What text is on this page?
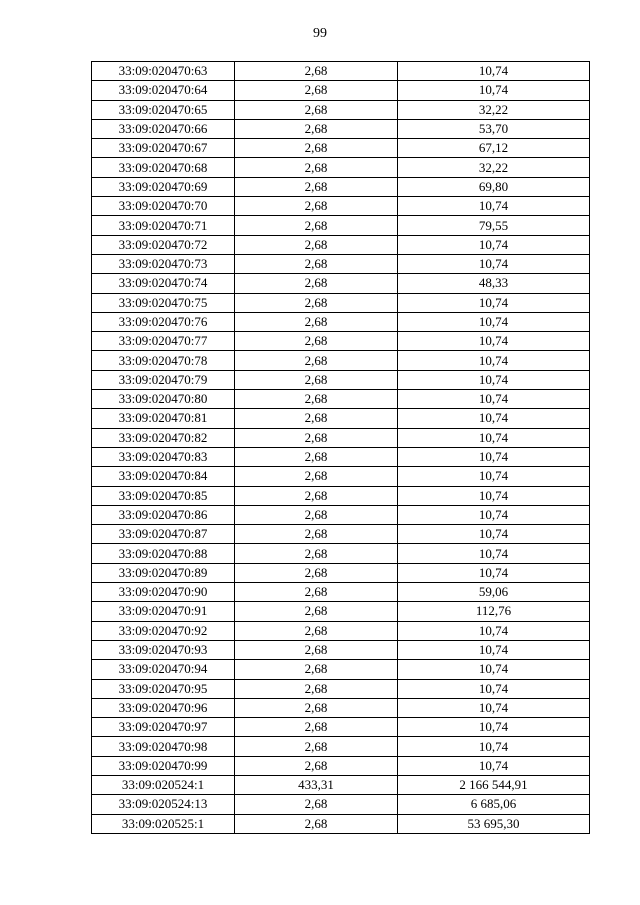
99
33:09:020470:63	2,68	10,74
33:09:020470:64	2,68	10,74
33:09:020470:65	2,68	32,22
33:09:020470:66	2,68	53,70
33:09:020470:67	2,68	67,12
33:09:020470:68	2,68	32,22
33:09:020470:69	2,68	69,80
33:09:020470:70	2,68	10,74
33:09:020470:71	2,68	79,55
33:09:020470:72	2,68	10,74
33:09:020470:73	2,68	10,74
33:09:020470:74	2,68	48,33
33:09:020470:75	2,68	10,74
33:09:020470:76	2,68	10,74
33:09:020470:77	2,68	10,74
33:09:020470:78	2,68	10,74
33:09:020470:79	2,68	10,74
33:09:020470:80	2,68	10,74
33:09:020470:81	2,68	10,74
33:09:020470:82	2,68	10,74
33:09:020470:83	2,68	10,74
33:09:020470:84	2,68	10,74
33:09:020470:85	2,68	10,74
33:09:020470:86	2,68	10,74
33:09:020470:87	2,68	10,74
33:09:020470:88	2,68	10,74
33:09:020470:89	2,68	10,74
33:09:020470:90	2,68	59,06
33:09:020470:91	2,68	112,76
33:09:020470:92	2,68	10,74
33:09:020470:93	2,68	10,74
33:09:020470:94	2,68	10,74
33:09:020470:95	2,68	10,74
33:09:020470:96	2,68	10,74
33:09:020470:97	2,68	10,74
33:09:020470:98	2,68	10,74
33:09:020470:99	2,68	10,74
33:09:020524:1	433,31	2 166 544,91
33:09:020524:13	2,68	6 685,06
33:09:020525:1	2,68	53 695,30
